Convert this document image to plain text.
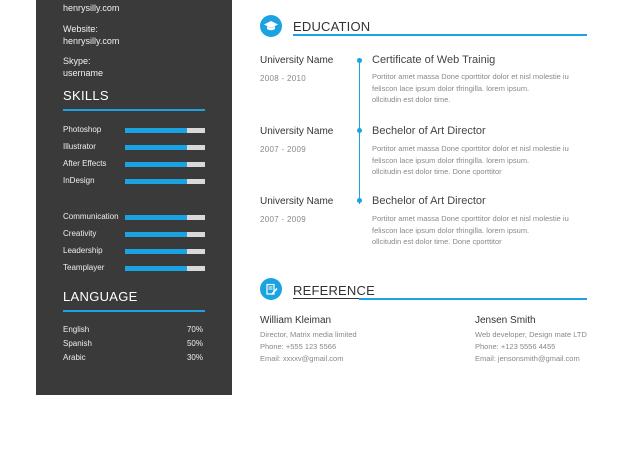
henrysilly.com
Website:
henrysilly.com
Skype:
username
SKILLS
Photoshop
Illustrator
After Effects
InDesign
Communication
Creativity
Leadership
Teamplayer
LANGUAGE
English	70%
Spanish	50%
Arabic	30%
EDUCATION
University Name
2008 - 2010
Certificate of Web Trainig
Portitor amet massa Done cporttitor dolor et nisl molestie iu
feliscon lace ipsum dolor tfringilla. lorem ipsum.
ollcitudin est dolor time.
University Name
2007 - 2009
Bechelor of Art Director
Portitor amet massa Done cporttitor dolor et nisl molestie iu
feliscon lace ipsum dolor tfringilla. lorem ipsum.
ollcitudin est dolor time. Done cporttitor
University Name
2007 - 2009
Bechelor of Art Director
Portitor amet massa Done cporttitor dolor et nisl molestie iu
feliscon lace ipsum dolor tfringilla. lorem ipsum.
ollcitudin est dolor time. Done cporttitor
REFERENCE
William Kleiman
Director, Matrix media limited
Phone: +555 123 5566
Email: xxxxv@gmail.com
Jensen Smith
Web developer, Design mate LTD
Phone: +123 5556 4455
Email: jensonsmith@gmail.com
